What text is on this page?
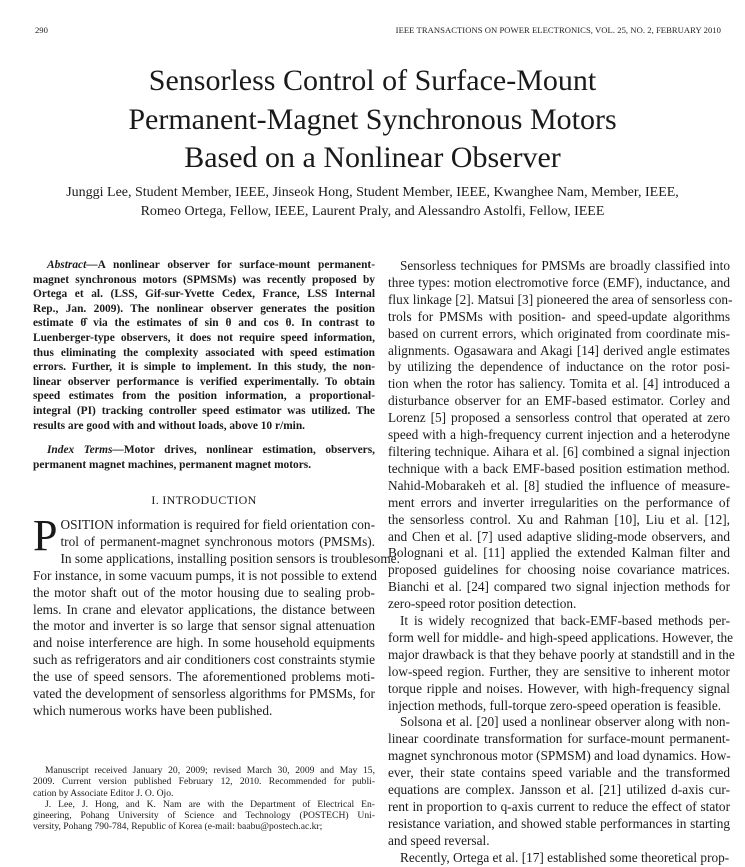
290	IEEE TRANSACTIONS ON POWER ELECTRONICS, VOL. 25, NO. 2, FEBRUARY 2010
Sensorless Control of Surface-Mount
Permanent-Magnet Synchronous Motors
Based on a Nonlinear Observer
Junggi Lee, Student Member, IEEE, Jinseok Hong, Student Member, IEEE, Kwanghee Nam, Member, IEEE,
Romeo Ortega, Fellow, IEEE, Laurent Praly, and Alessandro Astolfi, Fellow, IEEE
Abstract—A nonlinear observer for surface-mount permanent-
magnet synchronous motors (SPMSMs) was recently proposed by
Ortega et al. (LSS, Gif-sur-Yvette Cedex, France, LSS Internal
Rep., Jan. 2009). The nonlinear observer generates the position
estimate θ̂ via the estimates of sin θ and cos θ. In contrast to
Luenberger-type observers, it does not require speed information,
thus eliminating the complexity associated with speed estimation
errors. Further, it is simple to implement. In this study, the non-
linear observer performance is verified experimentally. To obtain
speed estimates from the position information, a proportional-
integral (PI) tracking controller speed estimator was utilized. The
results are good with and without loads, above 10 r/min.
Index Terms—Motor drives, nonlinear estimation, observers,
permanent magnet machines, permanent magnet motors.
I. INTRODUCTION
P OSITION information is required for field orientation con-
trol of permanent-magnet synchronous motors (PMSMs).
In some applications, installing position sensors is troublesome.
For instance, in some vacuum pumps, it is not possible to extend
the motor shaft out of the motor housing due to sealing prob-
lems. In crane and elevator applications, the distance between
the motor and inverter is so large that sensor signal attenuation
and noise interference are high. In some household equipments
such as refrigerators and air conditioners cost constraints stymie
the use of speed sensors. The aforementioned problems moti-
vated the development of sensorless algorithms for PMSMs, for
which numerous works have been published.
Manuscript received January 20, 2009; revised March 30, 2009 and May 15,
2009. Current version published February 12, 2010. Recommended for publi-
cation by Associate Editor J. O. Ojo.
J. Lee, J. Hong, and K. Nam are with the Department of Electrical En-
gineering, Pohang University of Science and Technology (POSTECH) Uni-
versity, Pohang 790-784, Republic of Korea (e-mail: baabu@postech.ac.kr;
Sensorless techniques for PMSMs are broadly classified into
three types: motion electromotive force (EMF), inductance, and
flux linkage [2]. Matsui [3] pioneered the area of sensorless con-
trols for PMSMs with position- and speed-update algorithms
based on current errors, which originated from coordinate mis-
alignments. Ogasawara and Akagi [14] derived angle estimates
by utilizing the dependence of inductance on the rotor posi-
tion when the rotor has saliency. Tomita et al. [4] introduced a
disturbance observer for an EMF-based estimator. Corley and
Lorenz [5] proposed a sensorless control that operated at zero
speed with a high-frequency current injection and a heterodyne
filtering technique. Aihara et al. [6] combined a signal injection
technique with a back EMF-based position estimation method.
Nahid-Mobarakeh et al. [8] studied the influence of measure-
ment errors and inverter irregularities on the performance of
the sensorless control. Xu and Rahman [10], Liu et al. [12],
and Chen et al. [7] used adaptive sliding-mode observers, and
Bolognani et al. [11] applied the extended Kalman filter and
proposed guidelines for choosing noise covariance matrices.
Bianchi et al. [24] compared two signal injection methods for
zero-speed rotor position detection.
It is widely recognized that back-EMF-based methods per-
form well for middle- and high-speed applications. However, the
major drawback is that they behave poorly at standstill and in the
low-speed region. Further, they are sensitive to inherent motor
torque ripple and noises. However, with high-frequency signal
injection methods, full-torque zero-speed operation is feasible.
Solsona et al. [20] used a nonlinear observer along with non-
linear coordinate transformation for surface-mount permanent-
magnet synchronous motor (SPMSM) and load dynamics. How-
ever, their state contains speed variable and the transformed
equations are complex. Jansson et al. [21] utilized d-axis cur-
rent in proportion to q-axis current to reduce the effect of stator
resistance variation, and showed stable performances in starting
and speed reversal.
Recently, Ortega et al. [17] established some theoretical prop-
